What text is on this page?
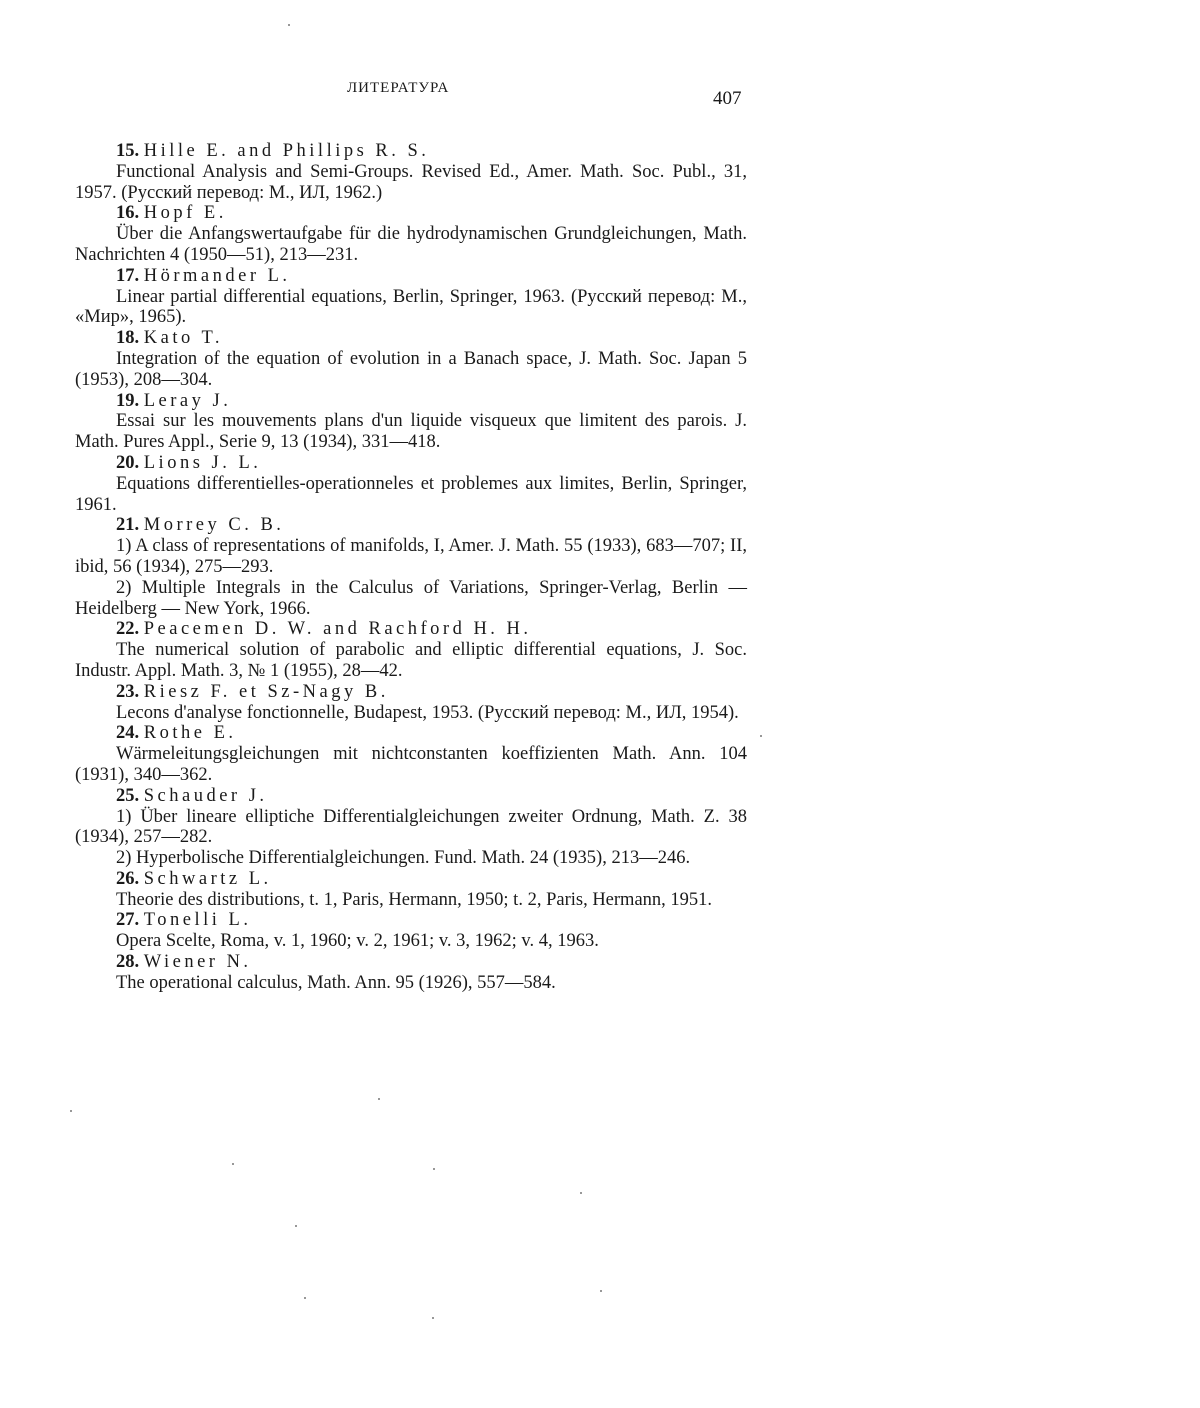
ЛИТЕРАТУРА	407
15. Hille E. and Phillips R. S.
Functional Analysis and Semi-Groups. Revised Ed., Amer. Math. Soc. Publ., 31, 1957. (Русский перевод: М., ИЛ, 1962.)
16. Hopf E.
Über die Anfangswertaufgabe für die hydrodynamischen Grundgleichungen, Math. Nachrichten 4 (1950—51), 213—231.
17. Hörmander L.
Linear partial differential equations, Berlin, Springer, 1963. (Русский перевод: М., «Мир», 1965).
18. Kato T.
Integration of the equation of evolution in a Banach space, J. Math. Soc. Japan 5 (1953), 208—304.
19. Leray J.
Essai sur les mouvements plans d'un liquide visqueux que limitent des parois. J. Math. Pures Appl., Serie 9, 13 (1934), 331—418.
20. Lions J. L.
Equations differentielles-operationneles et problemes aux limites, Berlin, Springer, 1961.
21. Morrey C. B.
1) A class of representations of manifolds, I, Amer. J. Math. 55 (1933), 683—707; II, ibid, 56 (1934), 275—293.
2) Multiple Integrals in the Calculus of Variations, Springer-Verlag, Berlin — Heidelberg — New York, 1966.
22. Peacemen D. W. and Rachford H. H.
The numerical solution of parabolic and elliptic differential equations, J. Soc. Industr. Appl. Math. 3, № 1 (1955), 28—42.
23. Riesz F. et Sz-Nagy B.
Lecons d'analyse fonctionnelle, Budapest, 1953. (Русский перевод: М., ИЛ, 1954).
24. Rothe E.
Wärmeleitungsgleichungen mit nichtconstanten koeffizienten Math. Ann. 104 (1931), 340—362.
25. Schauder J.
1) Über lineare elliptiche Differentialgleichungen zweiter Ordnung, Math. Z. 38 (1934), 257—282.
2) Hyperbolische Differentialgleichungen. Fund. Math. 24 (1935), 213—246.
26. Schwartz L.
Theorie des distributions, t. 1, Paris, Hermann, 1950; t. 2, Paris, Hermann, 1951.
27. Tonelli L.
Opera Scelte, Roma, v. 1, 1960; v. 2, 1961; v. 3, 1962; v. 4, 1963.
28. Wiener N.
The operational calculus, Math. Ann. 95 (1926), 557—584.
